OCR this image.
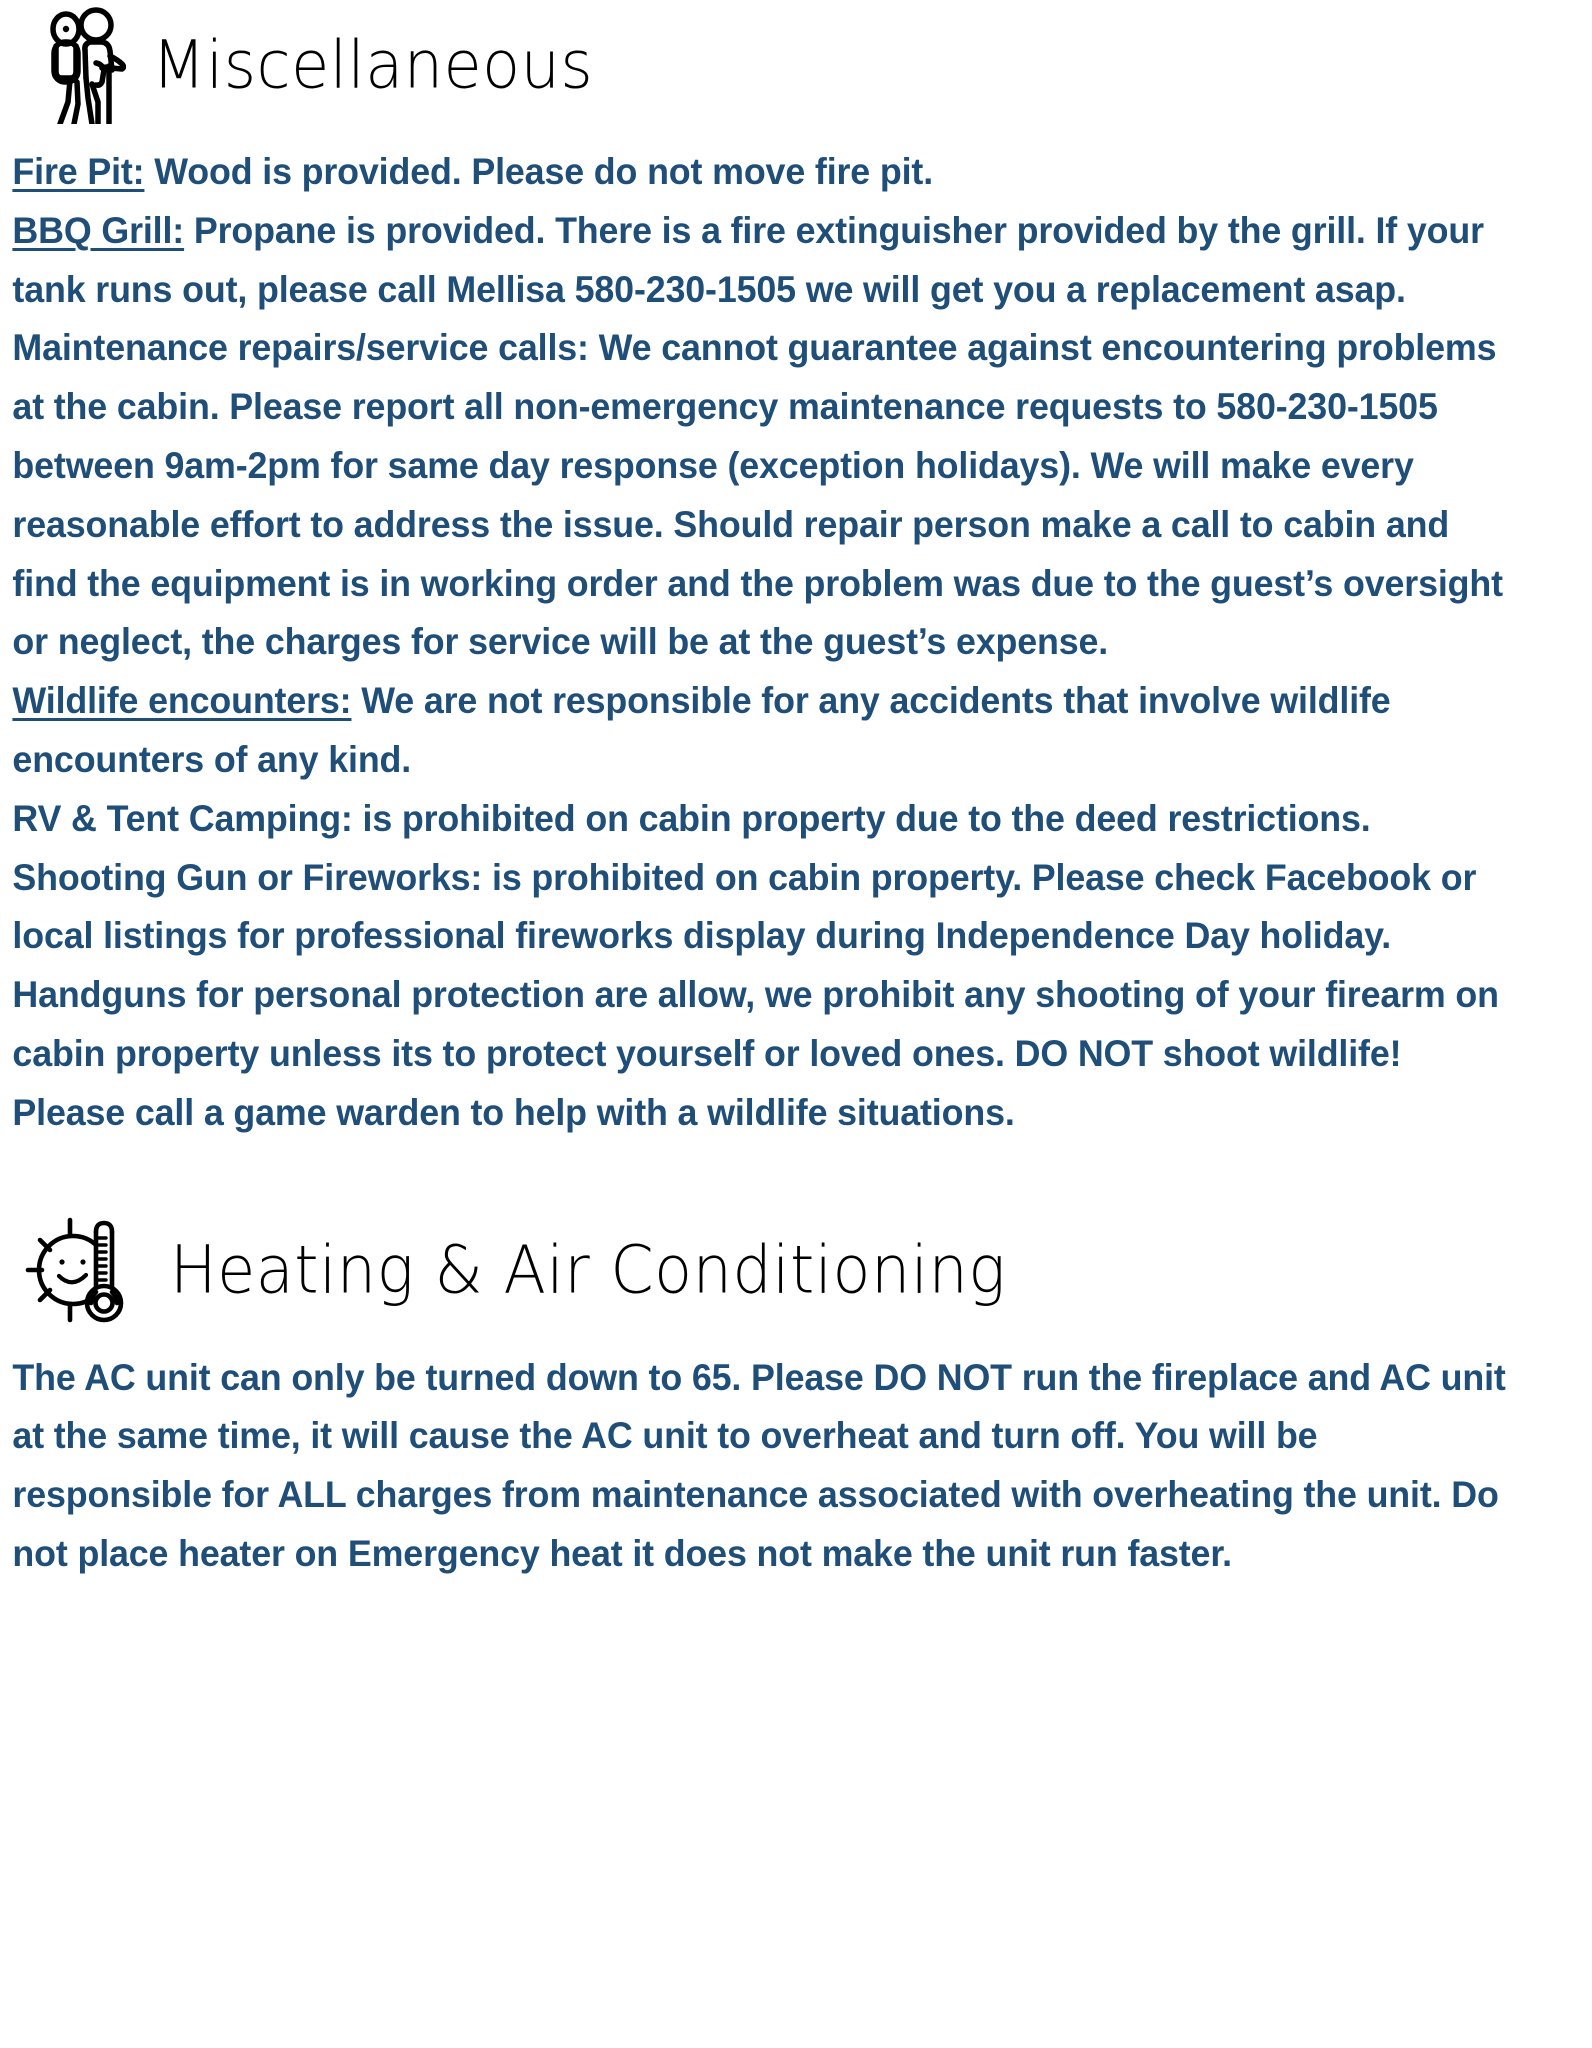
Miscellaneous

Fire Pit: Wood is provided. Please do not move fire pit.

BBQ Grill: Propane is provided. There is a fire extinguisher provided by the grill. If your tank runs out, please call Mellisa 580-230-1505 we will get you a replacement asap.

Maintenance repairs/service calls: We cannot guarantee against encountering problems at the cabin. Please report all non-emergency maintenance requests to 580-230-1505 between 9am-2pm for same day response (exception holidays). We will make every reasonable effort to address the issue. Should repair person make a call to cabin and find the equipment is in working order and the problem was due to the guest’s oversight or neglect, the charges for service will be at the guest’s expense.

Wildlife encounters: We are not responsible for any accidents that involve wildlife

encounters of any kind.

RV & Tent Camping: is prohibited on cabin property due to the deed restrictions.

Shooting Gun or Fireworks: is prohibited on cabin property. Please check Facebook or local listings for professional fireworks display during Independence Day holiday. Handguns for personal protection are allow, we prohibit any shooting of your firearm on cabin property unless its to protect yourself or loved ones. DO NOT shoot wildlife! Please call a game warden to help with a wildlife situations.

Heating & Air Conditioning

The AC unit can only be turned down to 65. Please DO NOT run the fireplace and AC unit at the same time, it will cause the AC unit to overheat and turn off. You will be responsible for ALL charges from maintenance associated with overheating the unit. Do not place heater on Emergency heat it does not make the unit run faster.
